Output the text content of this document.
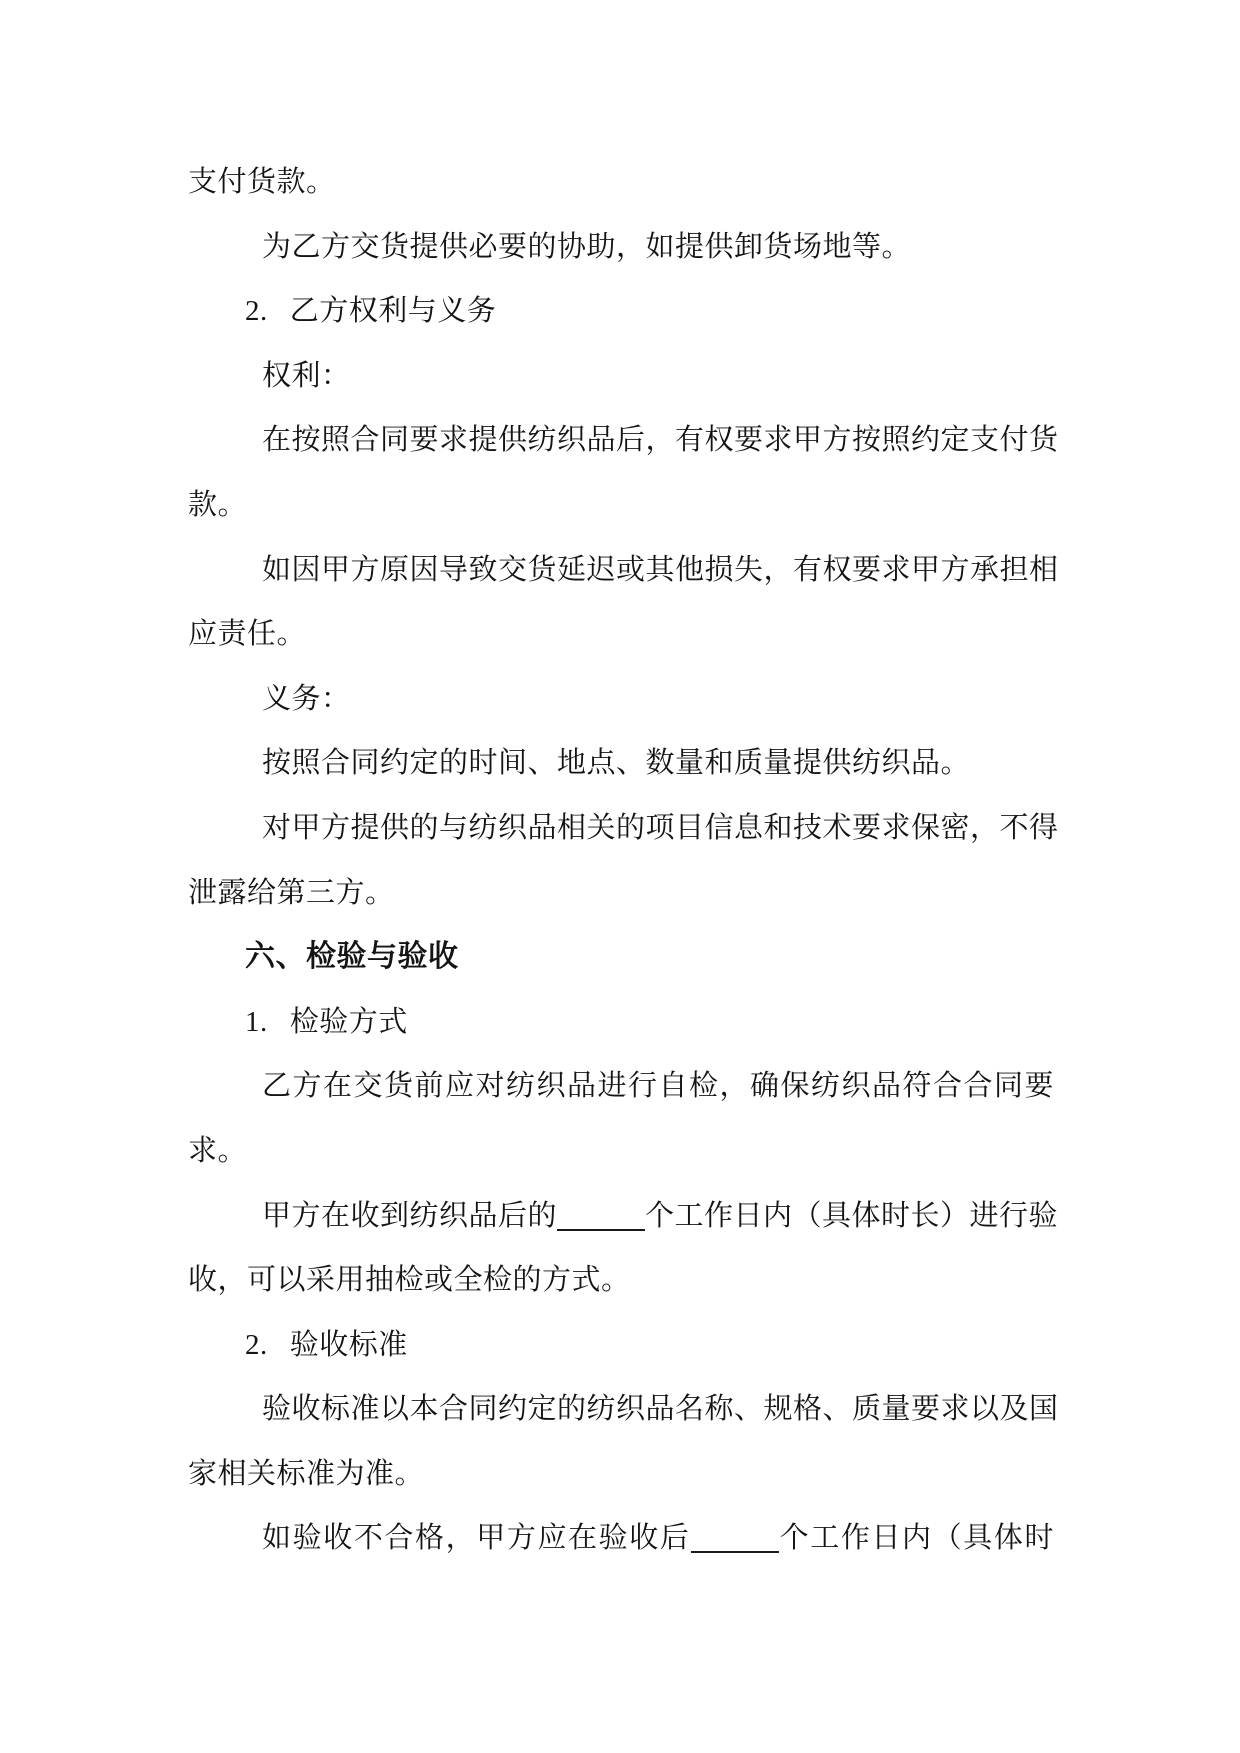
支付货款。
为乙方交货提供必要的协助，如提供卸货场地等。
2. 乙方权利与义务
权利：
在按照合同要求提供纺织品后，有权要求甲方按照约定支付货
款。
如因甲方原因导致交货延迟或其他损失，有权要求甲方承担相
应责任。
义务：
按照合同约定的时间、地点、数量和质量提供纺织品。
对甲方提供的与纺织品相关的项目信息和技术要求保密，不得
泄露给第三方。
六、检验与验收
1. 检验方式
乙方在交货前应对纺织品进行自检，确保纺织品符合合同要
求。
甲方在收到纺织品后的	个工作日内（具体时长）进行验
收，可以采用抽检或全检的方式。
2. 验收标准
验收标准以本合同约定的纺织品名称、规格、质量要求以及国
家相关标准为准。
如验收不合格，甲方应在验收后	个工作日内（具体时
